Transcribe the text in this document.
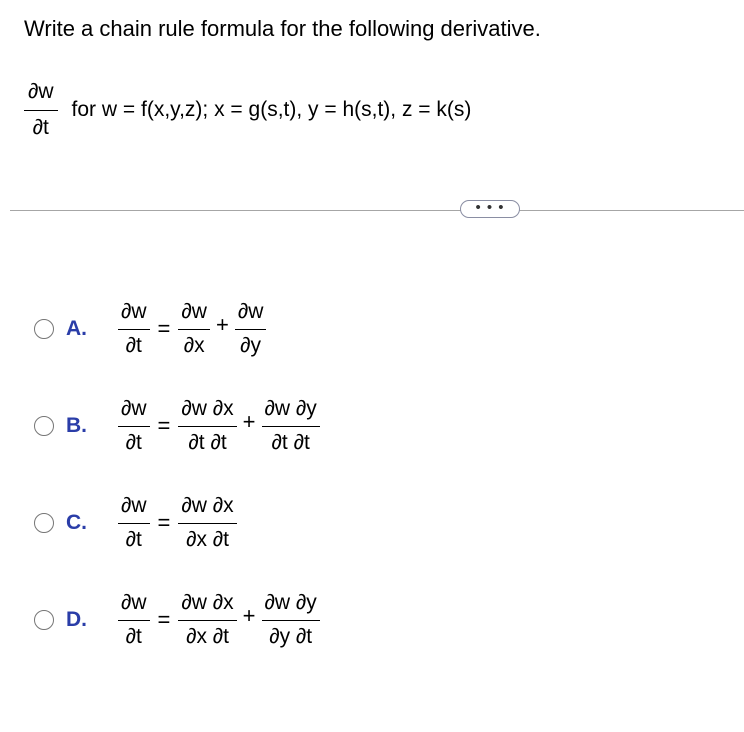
Write a chain rule formula for the following derivative.
$\frac{\partial w}{\partial t}$ for w = f(x,y,z); x = g(s,t), y = h(s,t), z = k(s)
• • •
A.	$\frac{\partial w}{\partial t} = \frac{\partial w}{\partial x} + \frac{\partial w}{\partial y}$
B.	$\frac{\partial w}{\partial t} = \frac{\partial w \partial x}{\partial t \partial t} + \frac{\partial w \partial y}{\partial t \partial t}$
C.	$\frac{\partial w}{\partial t} = \frac{\partial w \partial x}{\partial x \partial t}$
D.	$\frac{\partial w}{\partial t} = \frac{\partial w \partial x}{\partial x \partial t} + \frac{\partial w \partial y}{\partial y \partial t}$
